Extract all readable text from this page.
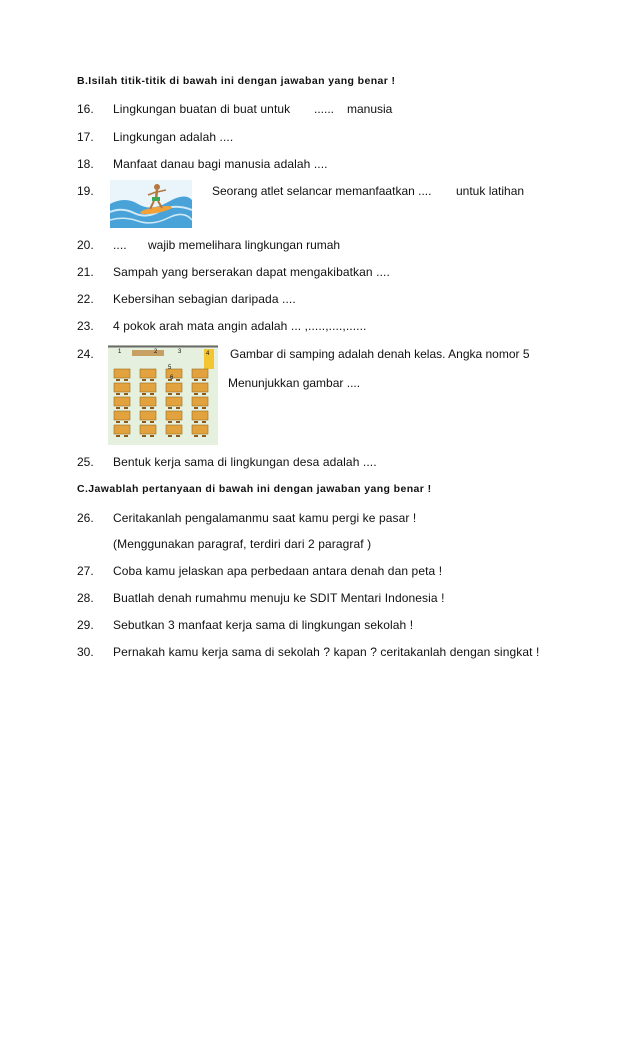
B.Isilah titik-titik di bawah ini dengan jawaban yang benar !
16. Lingkungan buatan di buat untuk ...... manusia
17. Lingkungan adalah ....
18. Manfaat danau bagi manusia adalah ....
19.	Seorang atlet selancar memanfaatkan .... untuk latihan
20. .... wajib memelihara lingkungan rumah
21. Sampah yang berserakan dapat mengakibatkan ....
22. Kebersihan sebagian daripada ....
23. 4 pokok arah mata angin adalah ... ,.....,....,......
24.	1	2	3	4
5
6
Gambar di samping adalah denah kelas. Angka nomor 5
Menunjukkan gambar ....
25. Bentuk kerja sama di lingkungan desa adalah ....
C.Jawablah pertanyaan di bawah ini dengan jawaban yang benar !
26. Ceritakanlah pengalamanmu saat kamu pergi ke pasar !
(Menggunakan paragraf, terdiri dari 2 paragraf )
27. Coba kamu jelaskan apa perbedaan antara denah dan peta !
28. Buatlah denah rumahmu menuju ke SDIT Mentari Indonesia !
29. Sebutkan 3 manfaat kerja sama di lingkungan sekolah !
30. Pernakah kamu kerja sama di sekolah ? kapan ? ceritakanlah dengan singkat !
